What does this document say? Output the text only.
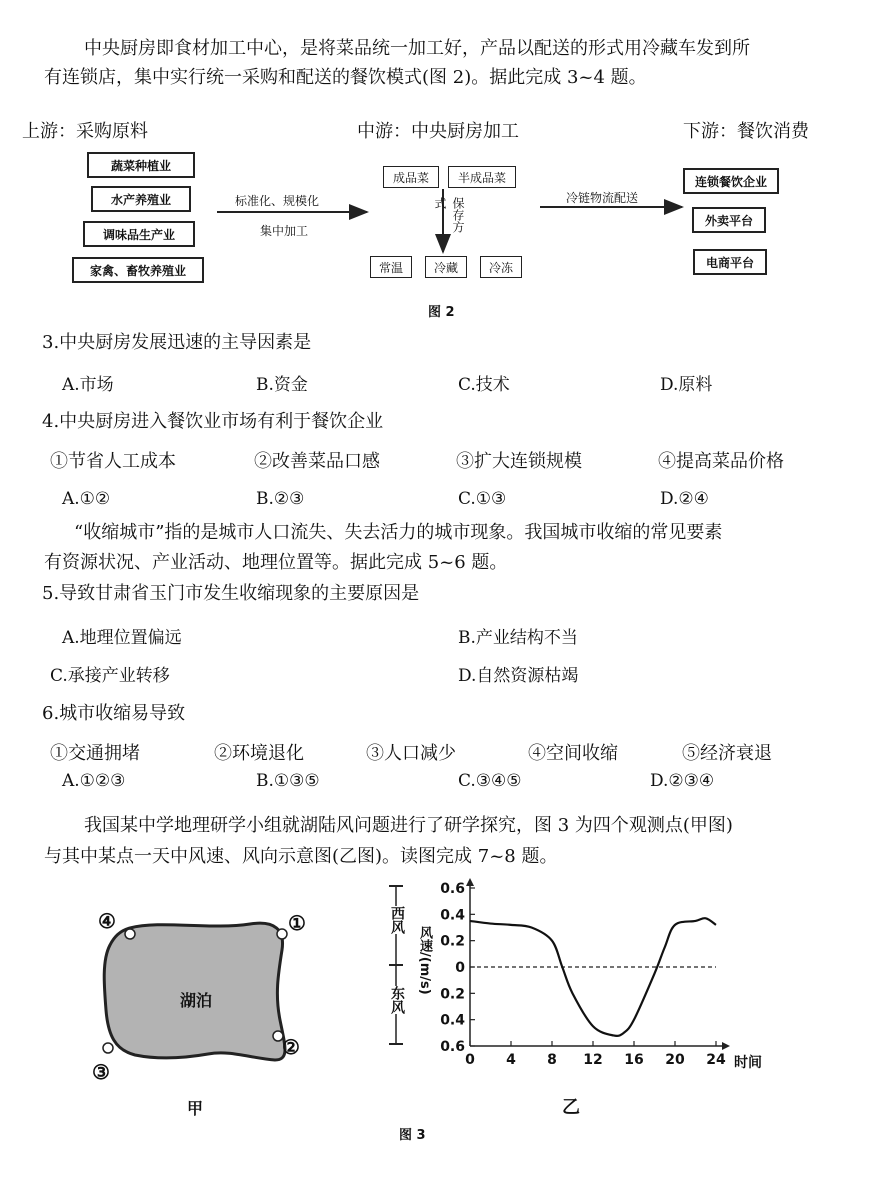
中央厨房即食材加工中心，是将菜品统一加工好，产品以配送的形式用冷藏车发到所
有连锁店，集中实行统一采购和配送的餐饮模式(图 2)。据此完成 3~4 题。
上游：采购原料	中游：中央厨房加工	下游：餐饮消费
蔬菜种植业
水产养殖业
调味品生产业
家禽、畜牧养殖业
标准化、规模化
集中加工
成品菜	半成品菜
保存方式
常温	冷藏	冷冻
冷链物流配送
连锁餐饮企业
外卖平台
电商平台
图 2
3.中央厨房发展迅速的主导因素是
A.市场	B.资金	C.技术	D.原料
4.中央厨房进入餐饮业市场有利于餐饮企业
①节省人工成本	②改善菜品口感	③扩大连锁规模	④提高菜品价格
A.①②	B.②③	C.①③	D.②④
“收缩城市”指的是城市人口流失、失去活力的城市现象。我国城市收缩的常见要素
有资源状况、产业活动、地理位置等。据此完成 5~6 题。
5.导致甘肃省玉门市发生收缩现象的主要原因是
A.地理位置偏远	B.产业结构不当
C.承接产业转移	D.自然资源枯竭
6.城市收缩易导致
①交通拥堵	②环境退化	③人口减少	④空间收缩	⑤经济衰退
A.①②③	B.①③⑤	C.③④⑤	D.②③④
我国某中学地理研学小组就湖陆风问题进行了研学探究，图 3 为四个观测点(甲图)
与其中某点一天中风速、风向示意图(乙图)。读图完成 7~8 题。
湖泊
①
②
③
④
甲
西风
东风
风速/(m/s)
0.6
0.4
0.2
0
0.2
0.4
0.6
0 4 8 12 16 20 24 时间
乙
图 3
